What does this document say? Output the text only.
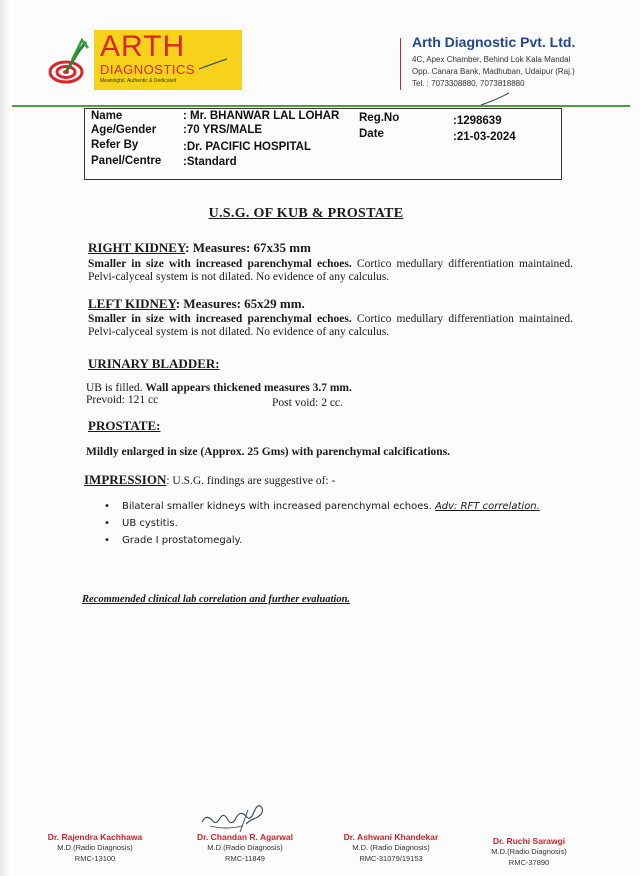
ARTH
DIAGNOSTICS
Meaningful, Authentic & Dedicated
Arth Diagnostic Pvt. Ltd.
4C, Apex Chamber, Behind Lok Kala Mandal
Opp. Canara Bank, Madhuban, Udaipur (Raj.)
Tel. : 7073308880, 7073818880
Name	: Mr. BHANWAR LAL LOHAR
Age/Gender :70 YRS/MALE
Refer By	:Dr. PACIFIC HOSPITAL
Panel/Centre :Standard
Reg.No	:1298639
Date	:21-03-2024
U.S.G. OF KUB & PROSTATE
RIGHT KIDNEY: Measures: 67x35 mm
Smaller in size with increased parenchymal echoes. Cortico medullary differentiation maintained. Pelvi-calyceal system is not dilated. No evidence of any calculus.
LEFT KIDNEY: Measures: 65x29 mm.
Smaller in size with increased parenchymal echoes. Cortico medullary differentiation maintained. Pelvi-calyceal system is not dilated. No evidence of any calculus.
URINARY BLADDER:
UB is filled. Wall appears thickened measures 3.7 mm.
Prevoid: 121 cc	Post void: 2 cc.
PROSTATE:
Mildly enlarged in size (Approx. 25 Gms) with parenchymal calcifications.
IMPRESSION: U.S.G. findings are suggestive of: -
• Bilateral smaller kidneys with increased parenchymal echoes. Adv: RFT correlation.
• UB cystitis.
• Grade I prostatomegaly.
Recommended clinical lab correlation and further evaluation.
Dr. Rajendra Kachhawa
M.D.(Radio Diagnosis)
RMC-13100
Dr. Chandan R. Agarwal
M.D.(Radio Diagnosis)
RMC-11849
Dr. Ashwani Khandekar
M.D. (Radio Diagnosis)
RMC-31079/19153
Dr. Ruchi Sarawgi
M.D.(Radio Diagnosis)
RMC-37890
